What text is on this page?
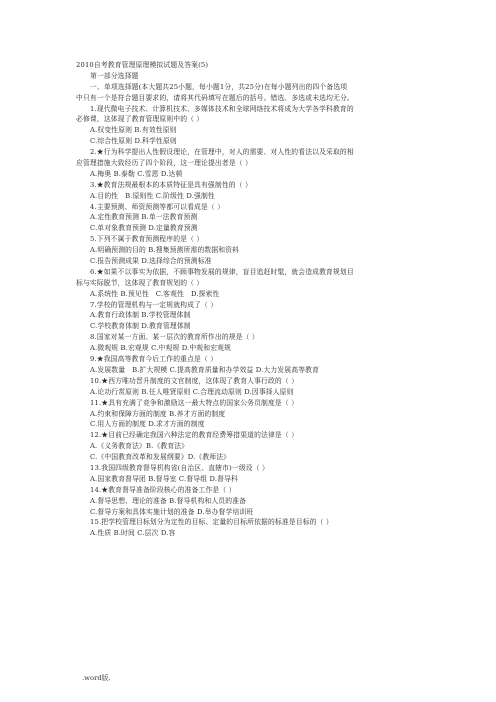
2010自考教育管理原理模拟试题及答案(5)
第一部分选择题
一、单项选择题(本大题共25小题，每小题1分，共25分)在每小题列出的四个备选项
中只有一个是符合题目要求的，请将其代码填写在题后的括号。错选、多选或未选均无分。
1.现代微电子技术、计算机技术、多媒体技术和全球网络技术将成为大学各学科教育的
必修课，这体现了教育管理原则中的（ ）
A.权变性原则 B.有效性原则
C.综合性原则 D.科学性原则
2.★行为科学提出人性假设理论，在管理中，对人的需要、对人性的看法以及采取的相
应管理措施大致经历了四个阶段，这一理论提出者是（ ）
A.梅奥 B.泰勒 C.雪恩 D.达顿
3.★教育法规最根本的本质特征是具有强制性的（ ）
A.目的性　B.原则性 C.阶级性 D.强制性
4.主要预测、师资预测等都可以看成是（ ）
A.定性教育预测 B.单一法教育预测
C.单对象教育预测 D.定量教育预测
5.下列不属于教育预测程序的是（ ）
A.明确预测的目的 B.搜集预测所需的数据和资料
C.报告预测成果 D.选择综合的预测标准
6.★如果不以事实为依据，不顾事物发展的规律，盲目追赶时髦，就会造成教育规划目
标与实际脱节，这体现了教育规划的（ ）
A.系统性 B.预见性　C.客观性　D.探索性
7.学校的管理机构与一定规就构成了（ ）
A.教育行政体制 B.学校管理体制
C.学校教育体制 D.教育管理体制
8.国家对某一方面、某一层次的教育所作出的规是（ ）
A.微观规 B.宏观规 C.中观规 D.中观和宏观规
9.★我国高等教育今后工作的重点是（ ）
A.发展数量　B.扩大规模 C.提高教育质量和办学效益 D.大力发展高等教育
10.★西方唯功晋升制度的文官制度，这体现了教育人事行政的（ ）
A.论功行赏原则 B.任人唯贤原则 C.合理流动原则 D.因事择人原则
11.★具有充满了竞争和激励这一最大特点的国家公务员制度是（ ）
A.约束和保障方面的制度 B.养才方面的制度
C.用人方面的制度 D.求才方面的制度
12.★目前已经确定我国六种法定的教育经费筹措渠道的法律是（ ）
A.《义务教育法》B.《教育法》
C.《中国教育改革和发展纲要》D.《教师法》
13.我国四级教育督导机构省(自治区、直辖市)一级设（ ）
A.国家教育督导团 B.督导室 C.督导组 D.督导科
14.★教育督导准备阶段核心的准备工作是（ ）
A.督导思想、理论的准备 B.督导机构和人员的准备
C.督导方案和具体实施计划的准备 D.举办督学培训班
15.把学校管理目标划分为定性的目标、定量的目标所依据的标准是目标的（ ）
A.性质 B.时间 C.层次 D.容
.word版.
